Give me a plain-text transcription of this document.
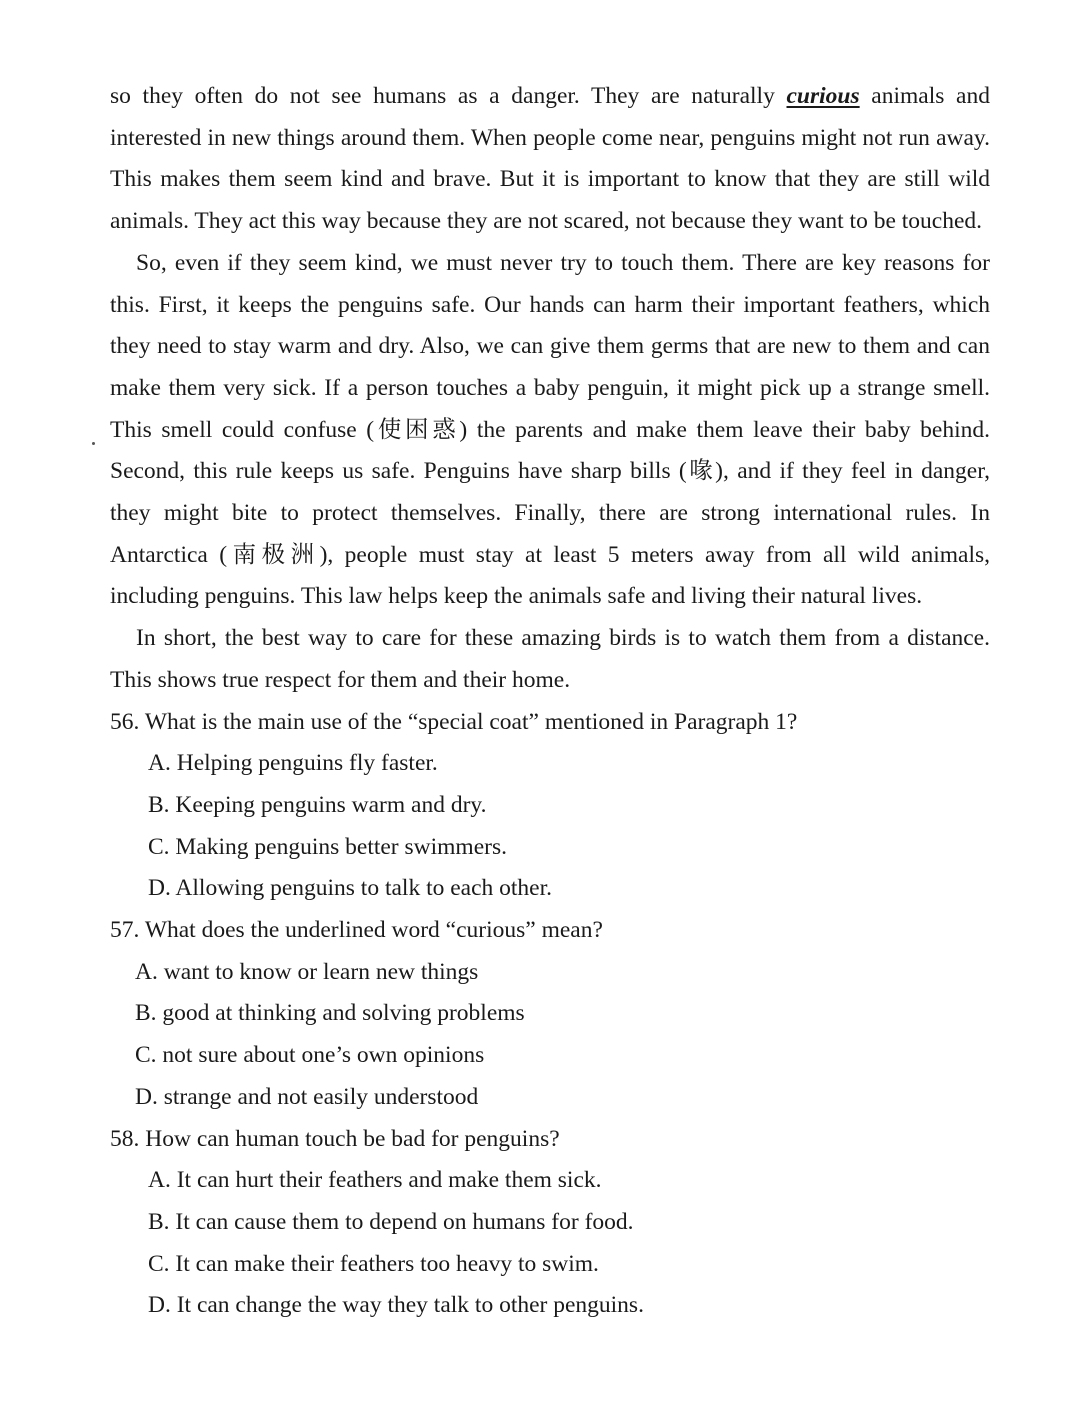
so they often do not see humans as a danger. They are naturally curious animals and interested in new things around them. When people come near, penguins might not run away. This makes them seem kind and brave. But it is important to know that they are still wild animals. They act this way because they are not scared, not because they want to be touched.

So, even if they seem kind, we must never try to touch them. There are key reasons for this. First, it keeps the penguins safe. Our hands can harm their important feathers, which they need to stay warm and dry. Also, we can give them germs that are new to them and can make them very sick. If a person touches a baby penguin, it might pick up a strange smell. This smell could confuse (使困惑) the parents and make them leave their baby behind. Second, this rule keeps us safe. Penguins have sharp bills (喙), and if they feel in danger, they might bite to protect themselves. Finally, there are strong international rules. In Antarctica (南极洲), people must stay at least 5 meters away from all wild animals, including penguins. This law helps keep the animals safe and living their natural lives.

In short, the best way to care for these amazing birds is to watch them from a distance. This shows true respect for them and their home.

56. What is the main use of the “special coat” mentioned in Paragraph 1?

A. Helping penguins fly faster.
B. Keeping penguins warm and dry.
C. Making penguins better swimmers.
D. Allowing penguins to talk to each other.

57. What does the underlined word “curious” mean?

A. want to know or learn new things
B. good at thinking and solving problems
C. not sure about one’s own opinions
D. strange and not easily understood

58. How can human touch be bad for penguins?

A. It can hurt their feathers and make them sick.
B. It can cause them to depend on humans for food.
C. It can make their feathers too heavy to swim.
D. It can change the way they talk to other penguins.
